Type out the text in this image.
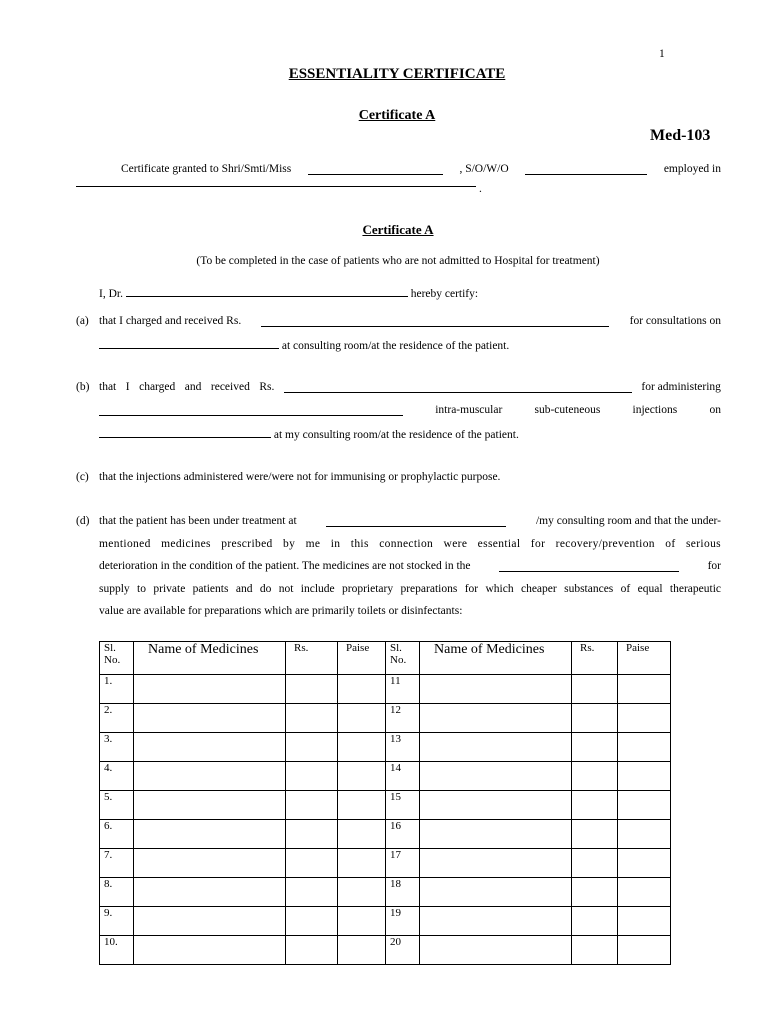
1
ESSENTIALITY CERTIFICATE
Certificate A
Med-103
Certificate granted to Shri/Smti/Miss	, S/O/W/O	employed in
.
Certificate A
(To be completed in the case of patients who are not admitted to Hospital for treatment)
I, Dr.	hereby certify:
(a) that I charged and received Rs.	for consultations on
at consulting room/at the residence of the patient.
(b) that I charged and received Rs.	for administering
intra-muscular	sub-cuteneous	injections	on
at my consulting room/at the residence of the patient.
(c) that the injections administered were/were not for immunising or prophylactic purpose.
(d) that the patient has been under treatment at	/my consulting room and that the under-
mentioned medicines prescribed by me in this connection were essential for recovery/prevention of serious
deterioration in the condition of the patient. The medicines are not stocked in the	for
supply to private patients and do not include proprietary preparations for which cheaper substances of equal therapeutic
value are available for preparations which are primarily toilets or disinfectants:
Sl. No.	Name of Medicines	Rs.	Paise	Sl. No.	Name of Medicines	Rs.	Paise
1.				11			
2.				12			
3.				13			
4.				14			
5.				15			
6.				16			
7.				17			
8.				18			
9.				19			
10.				20			
